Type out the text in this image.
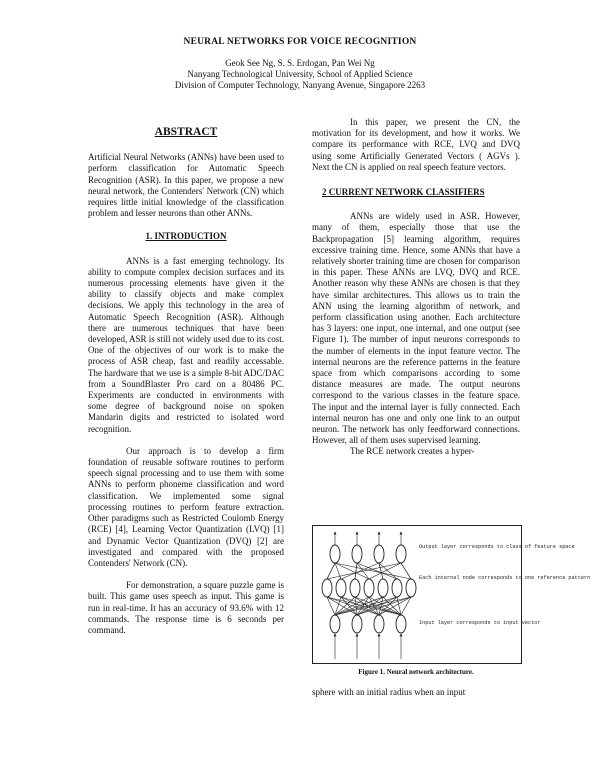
NEURAL NETWORKS FOR VOICE RECOGNITION
Geok See Ng, S. S. Erdogan, Pan Wei Ng
Nanyang Technological University, School of Applied Science
Division of Computer Technology, Nanyang Avenue, Singapore 2263
ABSTRACT

Artificial Neural Networks (ANNs) have been used to perform classification for Automatic Speech Recognition (ASR). In this paper, we propose a new neural network, the Contenders' Network (CN) which requires little initial knowledge of the classification problem and lesser neurons than other ANNs.

1. INTRODUCTION

ANNs is a fast emerging technology. Its ability to compute complex decision surfaces and its numerous processing elements have given it the ability to classify objects and make complex decisions. We apply this technology in the area of Automatic Speech Recognition (ASR). Although there are numerous techniques that have been developed, ASR is still not widely used due to its cost. One of the objectives of our work is to make the process of ASR cheap, fast and readily accessable. The hardware that we use is a simple 8-bit ADC/DAC from a SoundBlaster Pro card on a 80486 PC. Experiments are conducted in environments with some degree of background noise on spoken Mandarin digits and restricted to isolated word recognition.

Our approach is to develop a firm foundation of reusable software routines to perform speech signal processing and to use them with some ANNs to perform phoneme classification and word classification. We implemented some signal processing routines to perform feature extraction. Other paradigms such as Restricted Coulomb Energy (RCE) [4], Learning Vector Quantization (LVQ) [1] and Dynamic Vector Quantization (DVQ) [2] are investigated and compared with the proposed Contenders' Network (CN).

For demonstration, a square puzzle game is built. This game uses speech as input. This game is run in real-time. It has an accuracy of 93.6% with 12 commands. The response time is 6 seconds per command.

In this paper, we present the CN, the motivation for its development, and how it works. We compare its performance with RCE, LVQ and DVQ using some Artificially Generated Vectors ( AGVs ). Next the CN is applied on real speech feature vectors.

2 CURRENT NETWORK CLASSIFIERS

ANNs are widely used in ASR. However, many of them, especially those that use the Backpropagation [5] learning algorithm, requires excessive training time. Hence, some ANNs that have a relatively shorter training time are chosen for comparison in this paper. These ANNs are LVQ, DVQ and RCE. Another reason why these ANNs are chosen is that they have similar architectures. This allows us to train the ANN using the learning algorithm of network, and perform classification using another. Each architecture has 3 layers: one input, one internal, and one output (see Figure 1). The number of input neurons corresponds to the number of elements in the input feature vector. The internal neurons are the reference patterns in the feature space from which comparisons according to some distance measures are made. The output neurons correspond to the various classes in the feature space. The input and the internal layer is fully connected. Each internal neuron has one and only one link to an output neuron. The network has only feedforward connections. However, all of them uses supervised learning.

The RCE network creates a hyper-

Output layer corresponds to class of feature space
Each internal node corresponds to one reference pattern
Input layer corresponds to input vector
Figure 1. Neural network architecture.
sphere with an initial radius when an input
